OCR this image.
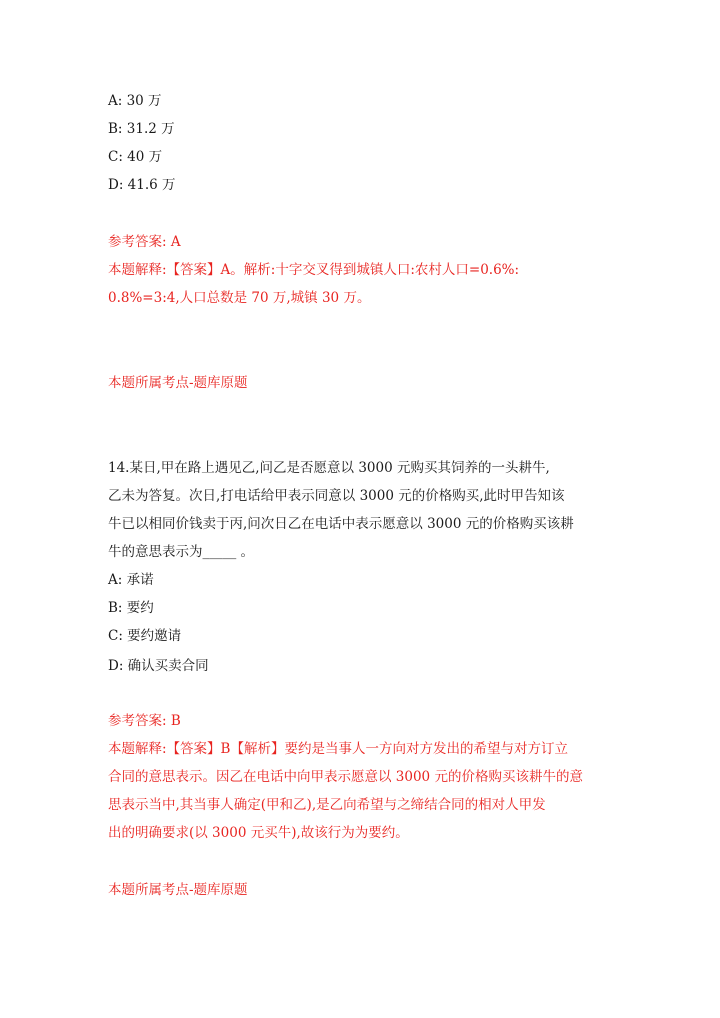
A: 30 万
B: 31.2 万
C: 40 万
D: 41.6 万
参考答案: A
本题解释:【答案】A。解析:十字交叉得到城镇人口:农村人口=0.6%:
0.8%=3:4,人口总数是 70 万,城镇 30 万。
本题所属考点-题库原题
14.某日,甲在路上遇见乙,问乙是否愿意以 3000 元购买其饲养的一头耕牛,
乙未为答复。次日,打电话给甲表示同意以 3000 元的价格购买,此时甲告知该
牛已以相同价钱卖于丙,问次日乙在电话中表示愿意以 3000 元的价格购买该耕
牛的意思表示为_____ 。
A: 承诺
B: 要约
C: 要约邀请
D: 确认买卖合同
参考答案: B
本题解释:【答案】B【解析】要约是当事人一方向对方发出的希望与对方订立
合同的意思表示。因乙在电话中向甲表示愿意以 3000 元的价格购买该耕牛的意
思表示当中,其当事人确定(甲和乙),是乙向希望与之缔结合同的相对人甲发
出的明确要求(以 3000 元买牛),故该行为为要约。
本题所属考点-题库原题
